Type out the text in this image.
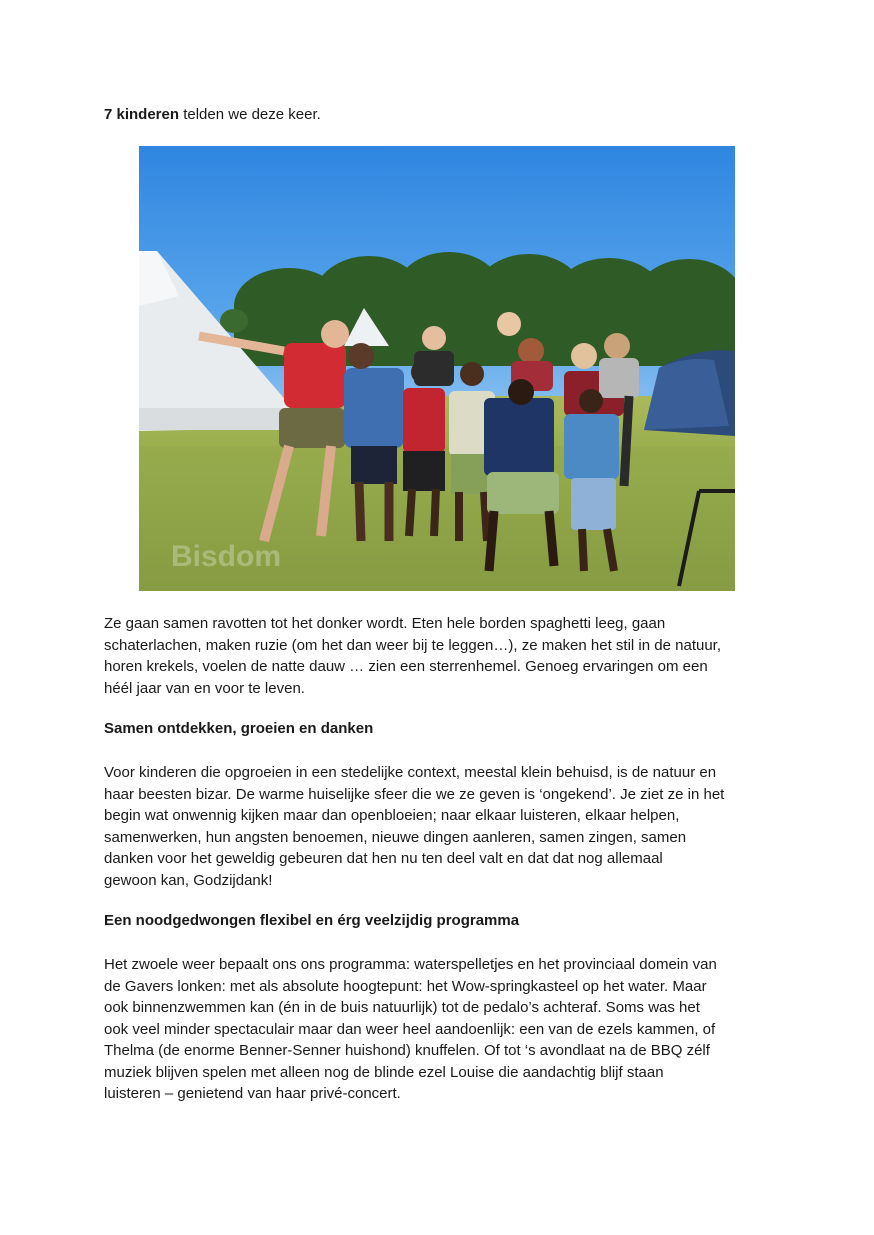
7 kinderen telden we deze keer.
Bisdom

Ze gaan samen ravotten tot het donker wordt. Eten hele borden spaghetti leeg, gaan

schaterlachen, maken ruzie (om het dan weer bij te leggen…), ze maken het stil in de natuur,

horen krekels, voelen de natte dauw … zien een sterrenhemel. Genoeg ervaringen om een

héél jaar van en voor te leven.

Samen ontdekken, groeien en danken

Voor kinderen die opgroeien in een stedelijke context, meestal klein behuisd, is de natuur en

haar beesten bizar. De warme huiselijke sfeer die we ze geven is ‘ongekend’. Je ziet ze in het

begin wat onwennig kijken maar dan openbloeien; naar elkaar luisteren, elkaar helpen,

samenwerken, hun angsten benoemen, nieuwe dingen aanleren, samen zingen, samen

danken voor het geweldig gebeuren dat hen nu ten deel valt en dat dat nog allemaal

gewoon kan, Godzijdank!

Een noodgedwongen flexibel en érg veelzijdig programma

Het zwoele weer bepaalt ons ons programma: waterspelletjes en het provinciaal domein van

de Gavers lonken: met als absolute hoogtepunt: het Wow-springkasteel op het water. Maar

ook binnenzwemmen kan (én in de buis natuurlijk) tot de pedalo’s achteraf. Soms was het

ook veel minder spectaculair maar dan weer heel aandoenlijk: een van de ezels kammen, of

Thelma (de enorme Benner-Senner huishond) knuffelen. Of tot ‘s avondlaat na de BBQ zélf

muziek blijven spelen met alleen nog de blinde ezel Louise die aandachtig blijf staan

luisteren – genietend van haar privé-concert.
